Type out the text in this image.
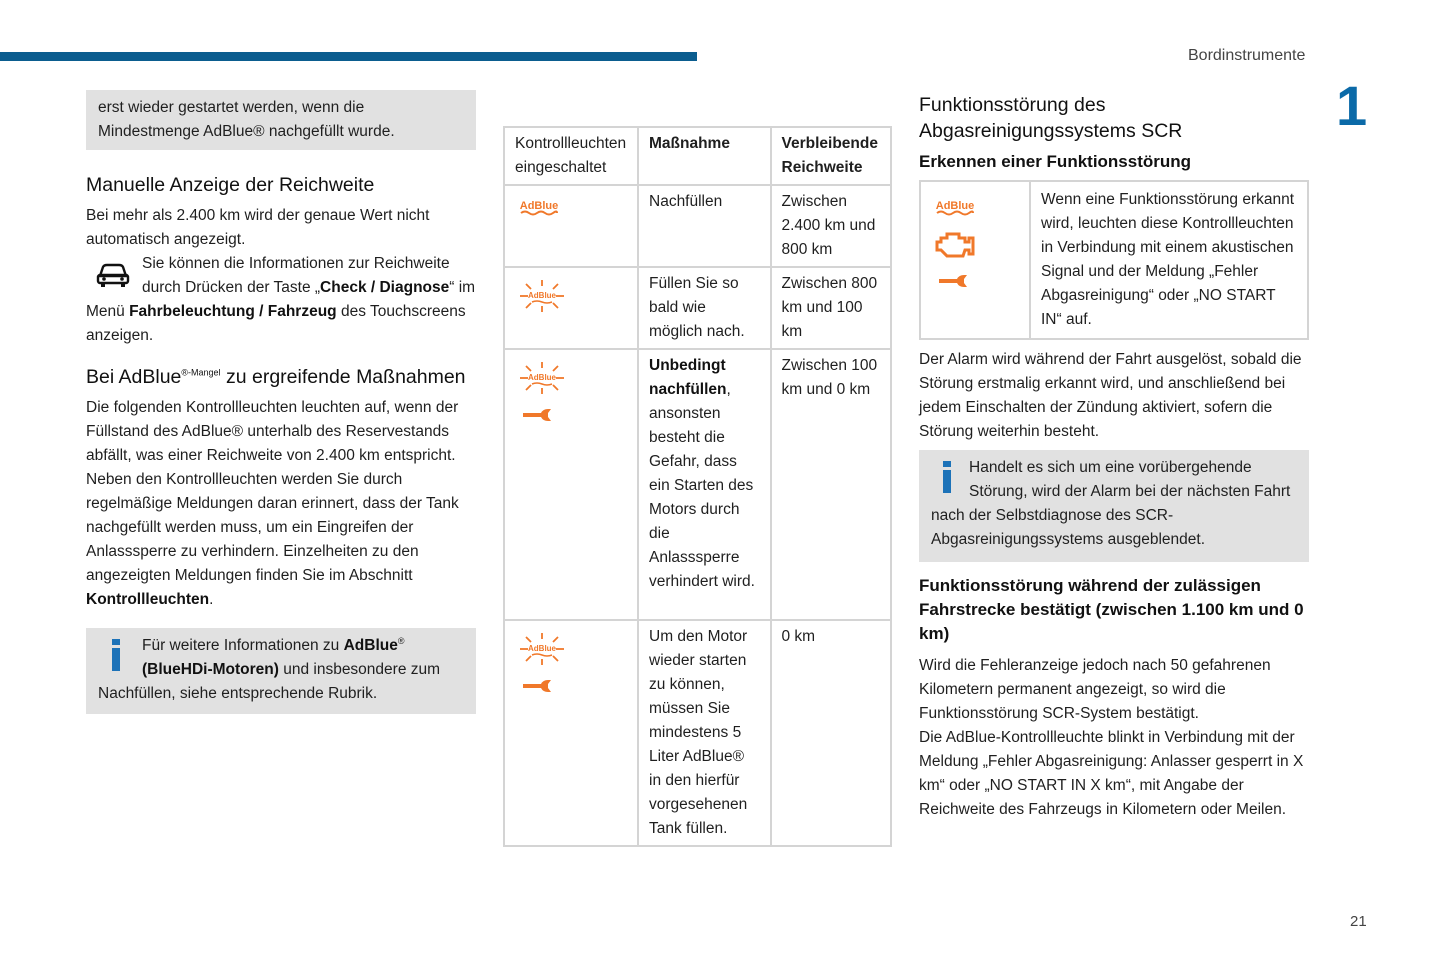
Bordinstrumente
1
21

erst wieder gestartet werden, wenn die Mindestmenge AdBlue® nachgefüllt wurde.

Manuelle Anzeige der Reichweite

Bei mehr als 2.400 km wird der genaue Wert nicht automatisch angezeigt.

Sie können die Informationen zur Reichweite durch Drücken der Taste „Check / Diagnose“ im Menü Fahrbeleuchtung / Fahrzeug des Touchscreens anzeigen.

Bei AdBlue$^{®-Mangel}$ zu ergreifende Maßnahmen

Die folgenden Kontrollleuchten leuchten auf, wenn der Füllstand des AdBlue® unterhalb des Reservestands abfällt, was einer Reichweite von 2.400 km entspricht. Neben den Kontrollleuchten werden Sie durch regelmäßige Meldungen daran erinnert, dass der Tank nachgefüllt werden muss, um ein Eingreifen der Anlasssperre zu verhindern. Einzelheiten zu den angezeigten Meldungen finden Sie im Abschnitt Kontrollleuchten.

Für weitere Informationen zu AdBlue® (BlueHDi-Motoren) und insbesondere zum Nachfüllen, siehe entsprechende Rubrik.

Kontrollleuchten eingeschaltet	Maßnahme	Verbleibende Reichweite

AdBlue	Nachfüllen	Zwischen 2.400 km und 800 km

AdBlue	Füllen Sie so bald wie möglich nach.	Zwischen 800 km und 100 km

AdBlue	Unbedingt nachfüllen, ansonsten besteht die Gefahr, dass ein Starten des Motors durch die Anlasssperre verhindert wird.	Zwischen 100 km und 0 km

AdBlue	Um den Motor wieder starten zu können, müssen Sie mindestens 5 Liter AdBlue® in den hierfür vorgesehenen Tank füllen.	0 km
Funktionsstörung des Abgasreinigungssystems SCR
Erkennen einer Funktionsstörung
AdBlue	Wenn eine Funktionsstörung erkannt wird, leuchten diese Kontrollleuchten in Verbindung mit einem akustischen Signal und der Meldung „Fehler Abgasreinigung“ oder „NO START IN“ auf.

Der Alarm wird während der Fahrt ausgelöst, sobald die Störung erstmalig erkannt wird, und anschließend bei jedem Einschalten der Zündung aktiviert, sofern die Störung weiterhin besteht.

Handelt es sich um eine vorübergehende Störung, wird der Alarm bei der nächsten Fahrt nach der Selbstdiagnose des SCR-Abgasreinigungssystems ausgeblendet.

Funktionsstörung während der zulässigen Fahrstrecke bestätigt (zwischen 1.100 km und 0 km)

Wird die Fehleranzeige jedoch nach 50 gefahrenen Kilometern permanent angezeigt, so wird die Funktionsstörung SCR-System bestätigt.

Die AdBlue-Kontrollleuchte blinkt in Verbindung mit der Meldung „Fehler Abgasreinigung: Anlasser gesperrt in X km“ oder „NO START IN X km“, mit Angabe der Reichweite des Fahrzeugs in Kilometern oder Meilen.
